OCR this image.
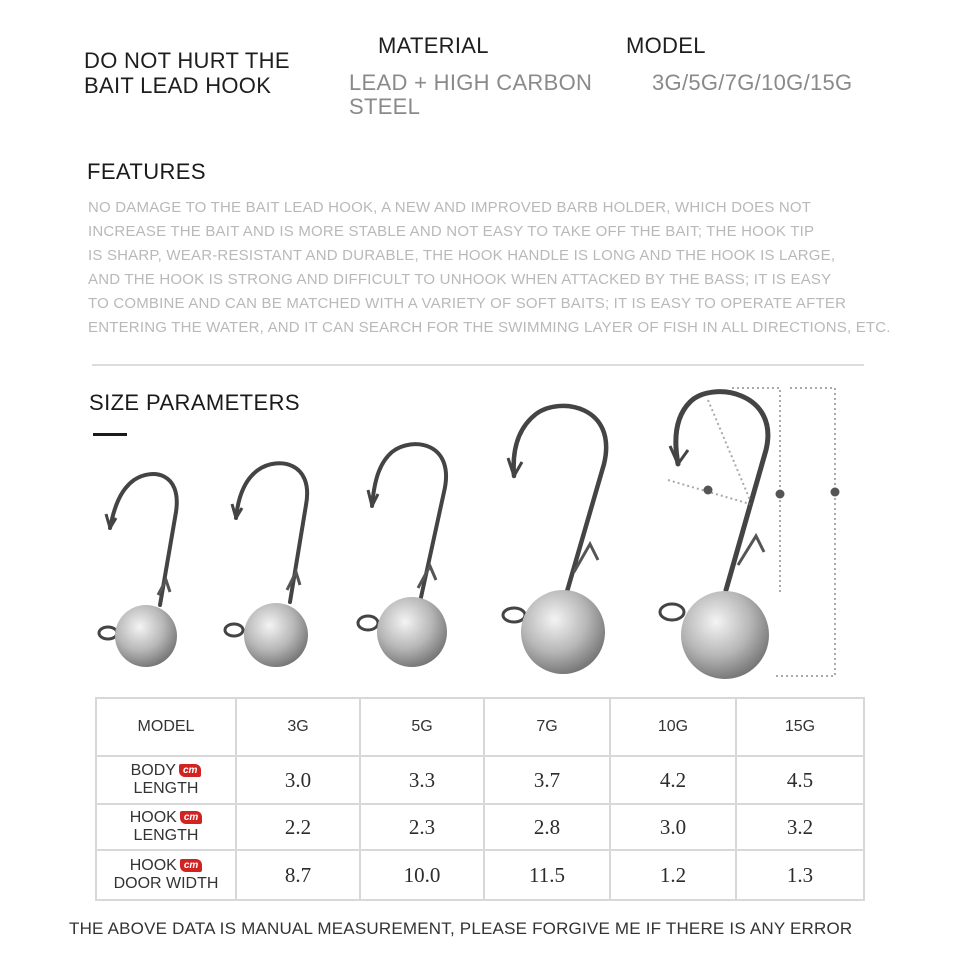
DO NOT HURT THE
BAIT LEAD HOOK
MATERIAL
LEAD + HIGH CARBON
STEEL
MODEL
3G/5G/7G/10G/15G
FEATURES
NO DAMAGE TO THE BAIT LEAD HOOK, A NEW AND IMPROVED BARB HOLDER, WHICH DOES NOT
INCREASE THE BAIT AND IS MORE STABLE AND NOT EASY TO TAKE OFF THE BAIT; THE HOOK TIP
IS SHARP, WEAR-RESISTANT AND DURABLE, THE HOOK HANDLE IS LONG AND THE HOOK IS LARGE,
AND THE HOOK IS STRONG AND DIFFICULT TO UNHOOK WHEN ATTACKED BY THE BASS; IT IS EASY
TO COMBINE AND CAN BE MATCHED WITH A VARIETY OF SOFT BAITS; IT IS EASY TO OPERATE AFTER
ENTERING THE WATER, AND IT CAN SEARCH FOR THE SWIMMING LAYER OF FISH IN ALL DIRECTIONS, ETC.
SIZE PARAMETERS
MODEL	3G	5G	7G	10G	15G

BODY cm
LENGTH	3.0	3.3	3.7	4.2	4.5

HOOK cm
LENGTH	2.2	2.3	2.8	3.0	3.2

HOOK cm
DOOR WIDTH	8.7	10.0	11.5	1.2	1.3
THE ABOVE DATA IS MANUAL MEASUREMENT, PLEASE FORGIVE ME IF THERE IS ANY ERROR
